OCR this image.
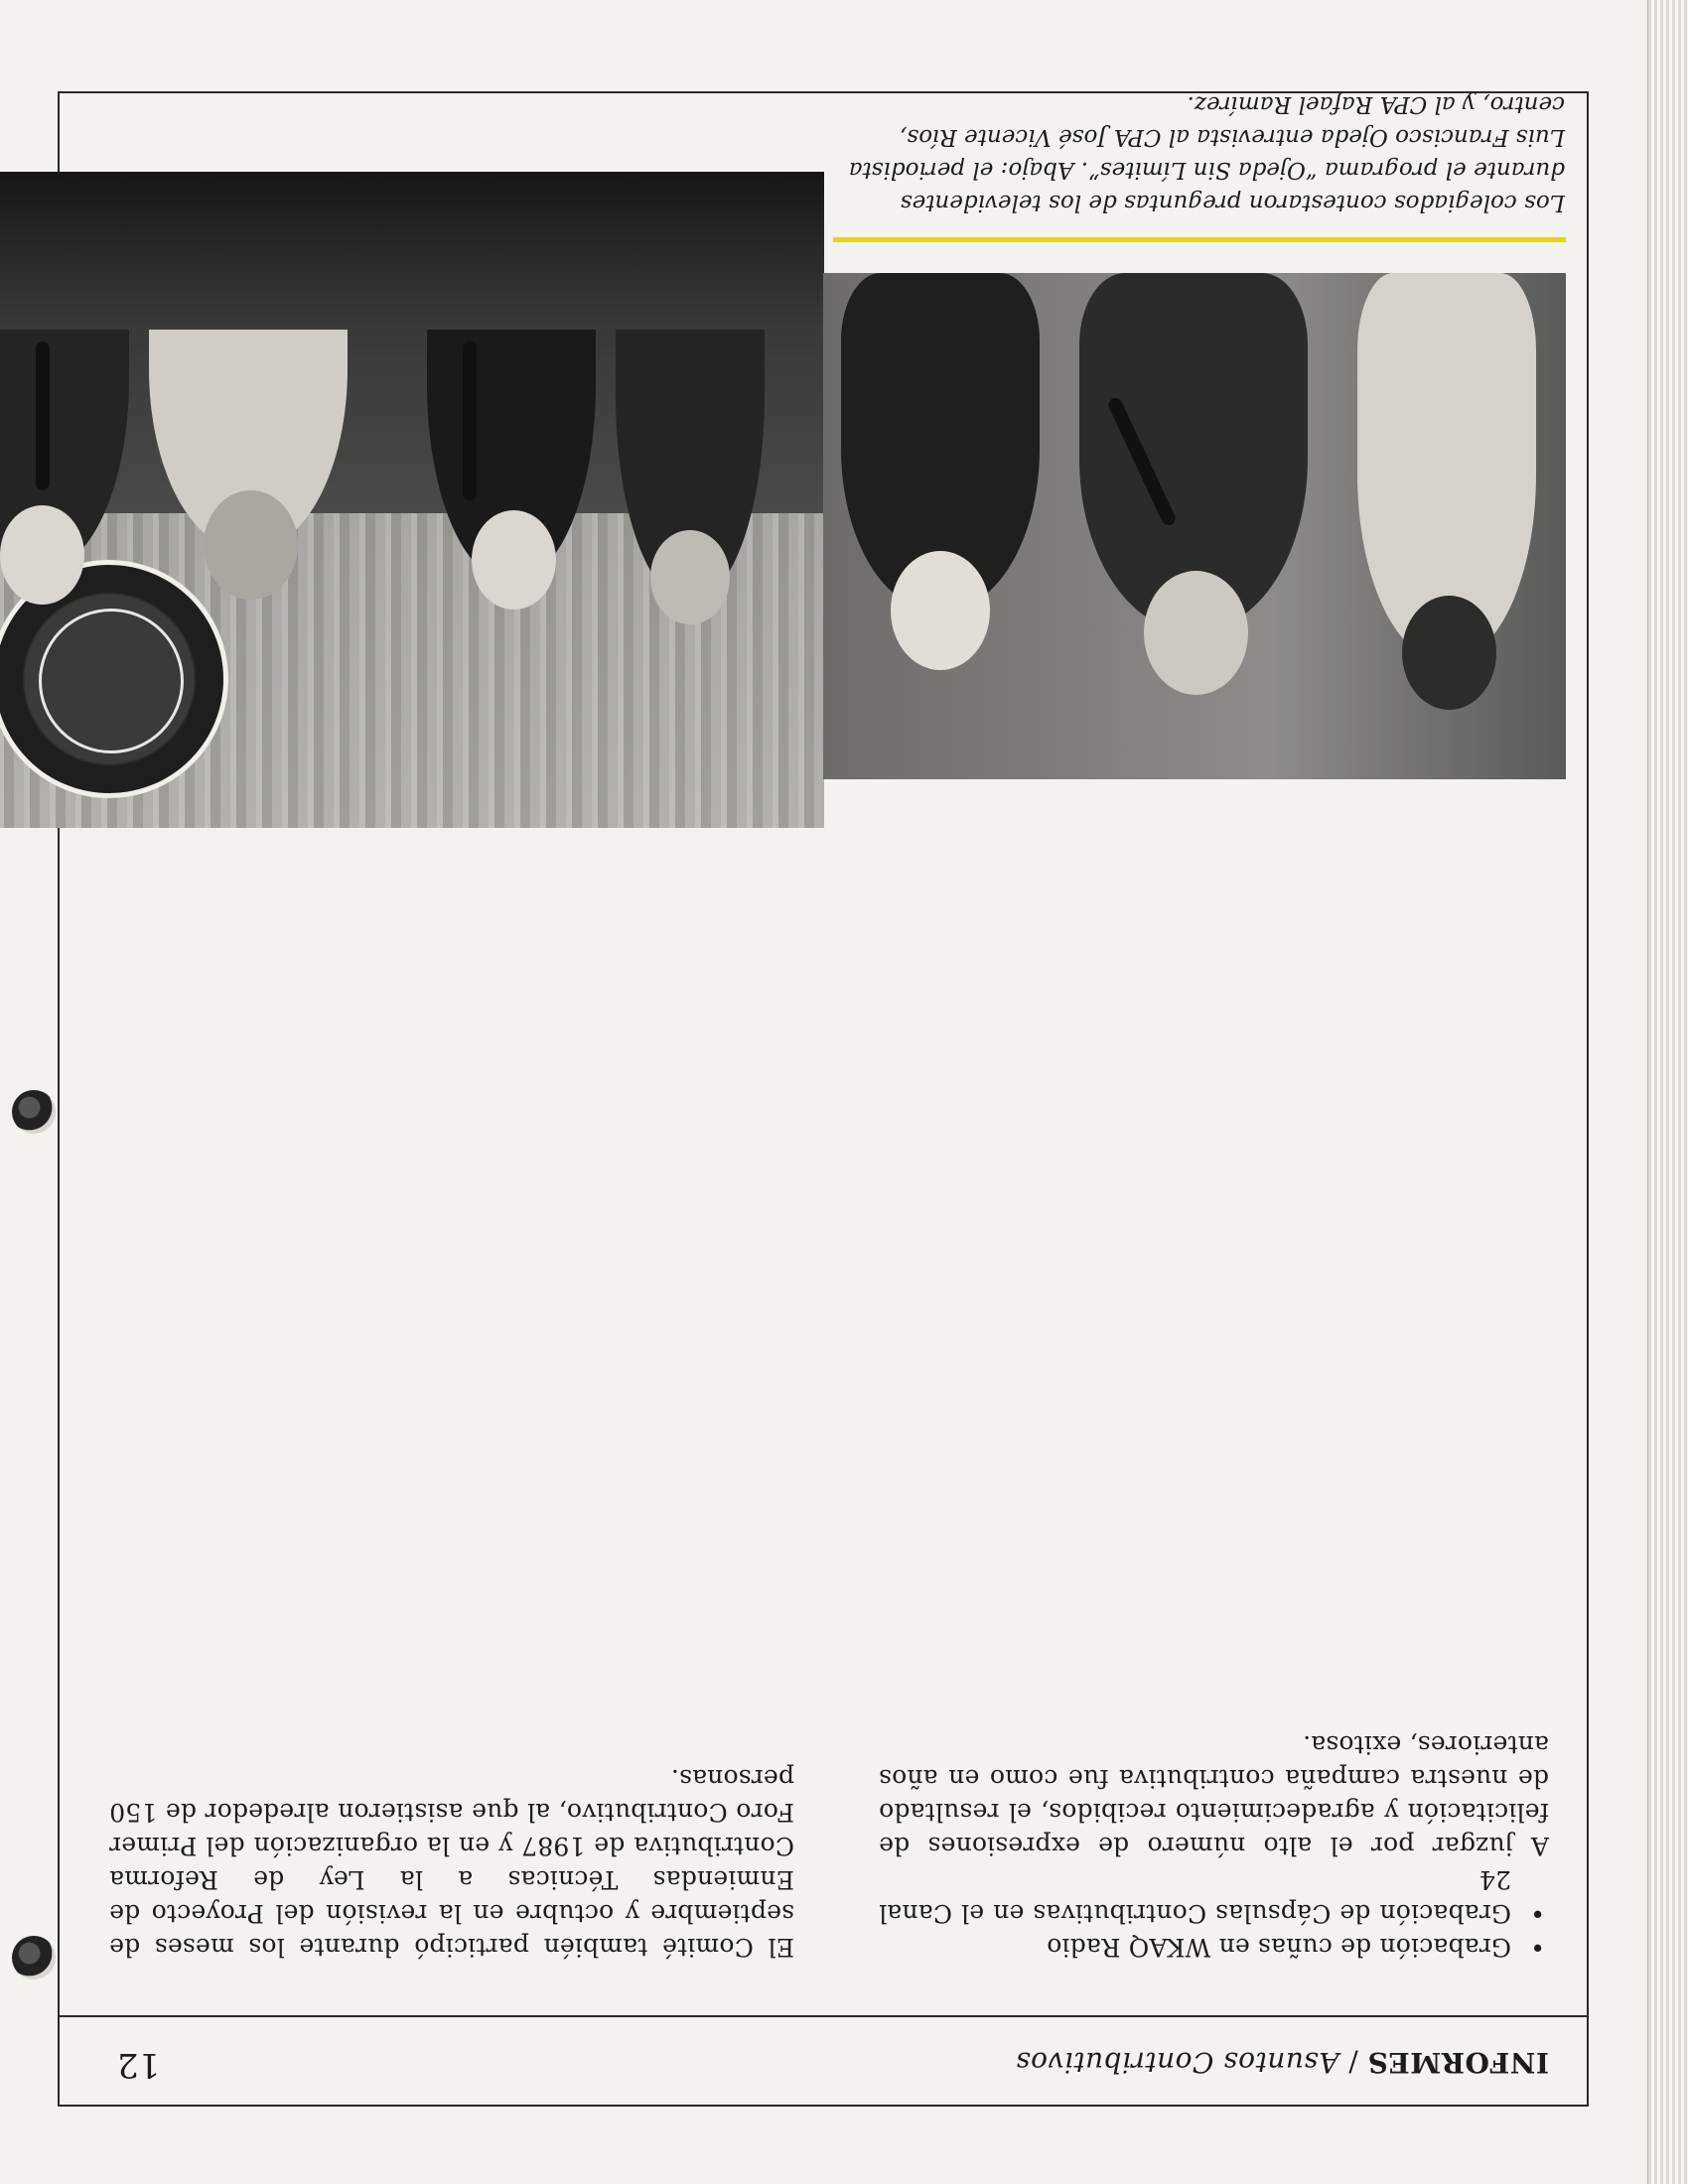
INFORMES / Asuntos Contributivos
12
•
Grabación de cuñas en WKAQ Radio
•
Grabación de Cápsulas Contributivas en el Canal 24

A juzgar por el alto número de expresiones de felicitación y agradecimiento recibidos, el resultado de nuestra campaña contributiva fue como en años anteriores, exitosa.

El Comité también participó durante los meses de septiembre y octubre en la revisión del Proyecto de Enmiendas Técnicas a la Ley de Reforma Contributiva de 1987 y en la organización del Primer Foro Contributivo, al que asistieron alrededor de 150 personas.

Los colegiados contestaron preguntas de los televidentes durante el programa “Ojeda Sin Límites”. Abajo: el periodista Luis Francisco Ojeda entrevista al CPA José Vicente Ríos, centro, y al CPA Rafael Ramírez.
